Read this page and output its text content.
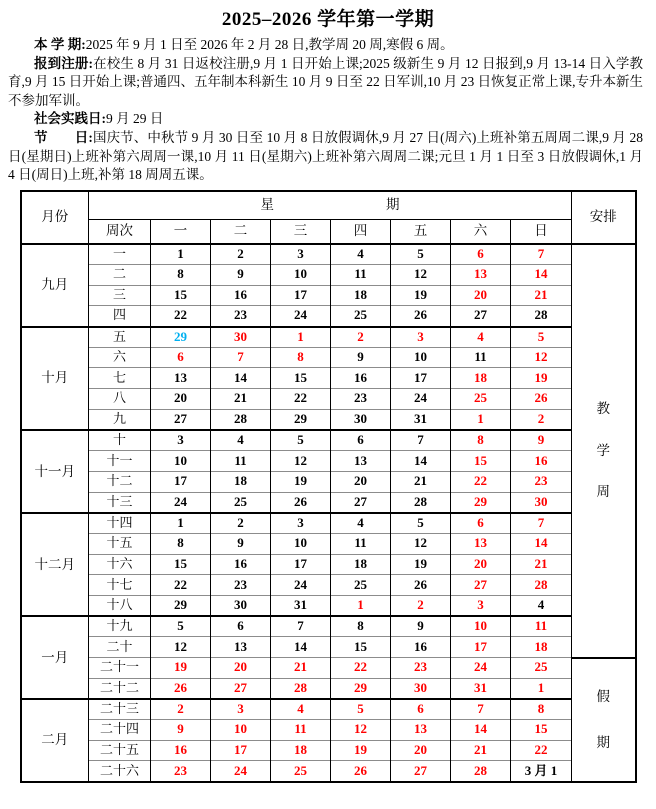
2025–2026 学年第一学期

本 学 期:2025 年 9 月 1 日至 2026 年 2 月 28 日,教学周 20 周,寒假 6 周。

报到注册:在校生 8 月 31 日返校注册,9 月 1 日开始上课;2025 级新生 9 月 12 日报到,9 月 13-14 日入学教育,9 月 15 日开始上课;普通四、五年制本科新生 10 月 9 日至 22 日军训,10 月 23 日恢复正常上课,专升本新生不参加军训。

社会实践日:9 月 29 日

节　　日:国庆节、中秋节 9 月 30 日至 10 月 8 日放假调休,9 月 27 日(周六)上班补第五周周二课,9 月 28 日(星期日)上班补第六周周一课,10 月 11 日(星期六)上班补第六周周二课;元旦 1 月 1 日至 3 日放假调休,1 月 4 日(周日)上班,补第 18 周周五课。

月份	星 期								安排
	周次	一	二	三	四	五	六	日	
九月	一	1	2	3	4	5	6	7	教
学
周

	二	8	9	10	11	12	13	14	
	三	15	16	17	18	19	20	21	
	四	22	23	24	25	26	27	28	
十月	五	29	30	1	2	3	4	5	
	六	6	7	8	9	10	11	12	
	七	13	14	15	16	17	18	19	
	八	20	21	22	23	24	25	26	
	九	27	28	29	30	31	1	2	
十一月	十	3	4	5	6	7	8	9	
	十一	10	11	12	13	14	15	16	
	十二	17	18	19	20	21	22	23	
	十三	24	25	26	27	28	29	30	
十二月	十四	1	2	3	4	5	6	7	
	十五	8	9	10	11	12	13	14	
	十六	15	16	17	18	19	20	21	
	十七	22	23	24	25	26	27	28	
	十八	29	30	31	1	2	3	4	
一月	十九	5	6	7	8	9	10	11	
	二十	12	13	14	15	16	17	18	
	二十一	19	20	21	22	23	24	25	假
期

	二十二	26	27	28	29	30	31	1	
二月	二十三	2	3	4	5	6	7	8	
	二十四	9	10	11	12	13	14	15	
	二十五	16	17	18	19	20	21	22	
	二十六	23	24	25	26	27	28	3 月 1	
